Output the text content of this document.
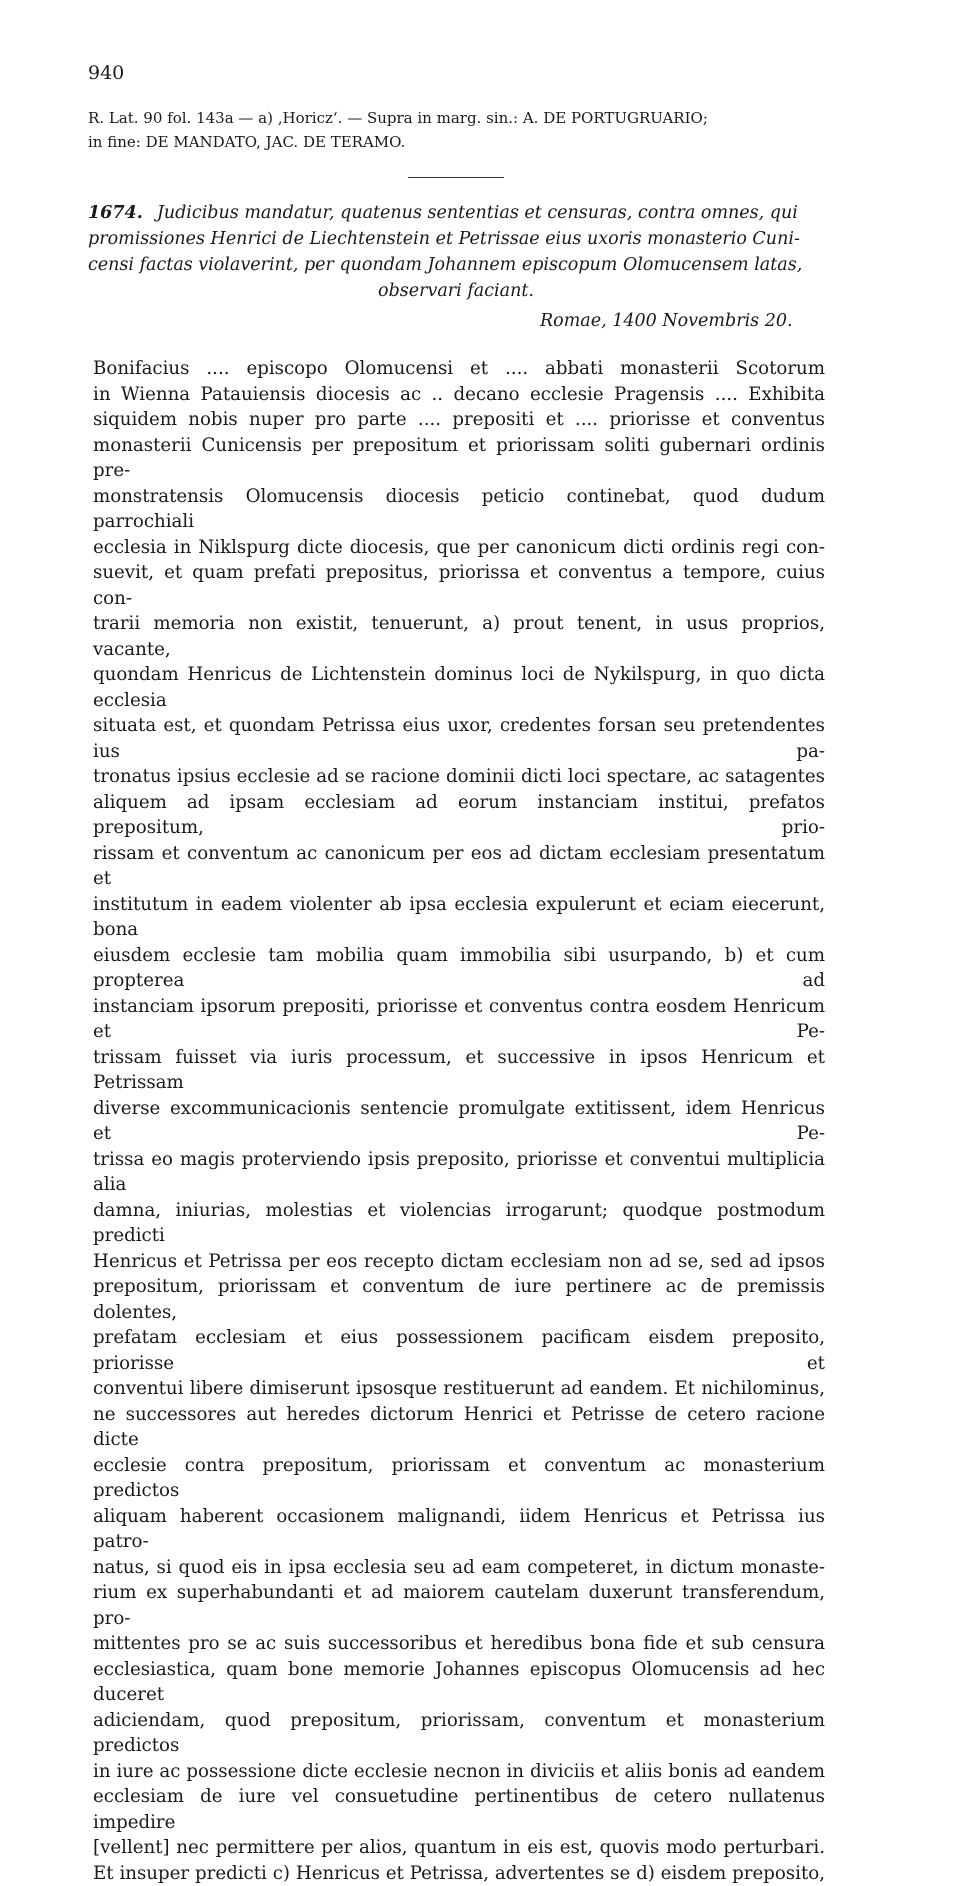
940
R. Lat. 90 fol. 143a — a) ‚Horicz‘. — Supra in marg. sin.: A. DE PORTUGRUARIO;
in fine: DE MANDATO, JAC. DE TERAMO.
1674. Judicibus mandatur, quatenus sententias et censuras, contra omnes, qui
promissiones Henrici de Liechtenstein et Petrissae eius uxoris monasterio Cuni-
censi factas violaverint, per quondam Johannem episcopum Olomucensem latas,
observari faciant.
Romae, 1400 Novembris 20.
Bonifacius .... episcopo Olomucensi et .... abbati monasterii Scotorum
in Wienna Patauiensis diocesis ac .. decano ecclesie Pragensis .... Exhibita
siquidem nobis nuper pro parte .... prepositi et .... priorisse et conventus
monasterii Cunicensis per prepositum et priorissam soliti gubernari ordinis pre-
monstratensis Olomucensis diocesis peticio continebat, quod dudum parrochiali
ecclesia in Niklspurg dicte diocesis, que per canonicum dicti ordinis regi con-
suevit, et quam prefati prepositus, priorissa et conventus a tempore, cuius con-
trarii memoria non existit, tenuerunt, a) prout tenent, in usus proprios, vacante,
quondam Henricus de Lichtenstein dominus loci de Nykilspurg, in quo dicta ecclesia
situata est, et quondam Petrissa eius uxor, credentes forsan seu pretendentes ius pa-
tronatus ipsius ecclesie ad se racione dominii dicti loci spectare, ac satagentes
aliquem ad ipsam ecclesiam ad eorum instanciam institui, prefatos prepositum, prio-
rissam et conventum ac canonicum per eos ad dictam ecclesiam presentatum et
institutum in eadem violenter ab ipsa ecclesia expulerunt et eciam eiecerunt, bona
eiusdem ecclesie tam mobilia quam immobilia sibi usurpando, b) et cum propterea ad
instanciam ipsorum prepositi, priorisse et conventus contra eosdem Henricum et Pe-
trissam fuisset via iuris processum, et successive in ipsos Henricum et Petrissam
diverse excommunicacionis sentencie promulgate extitissent, idem Henricus et Pe-
trissa eo magis proterviendo ipsis preposito, priorisse et conventui multiplicia alia
damna, iniurias, molestias et violencias irrogarunt; quodque postmodum predicti
Henricus et Petrissa per eos recepto dictam ecclesiam non ad se, sed ad ipsos
prepositum, priorissam et conventum de iure pertinere ac de premissis dolentes,
prefatam ecclesiam et eius possessionem pacificam eisdem preposito, priorisse et
conventui libere dimiserunt ipsosque restituerunt ad eandem. Et nichilominus,
ne successores aut heredes dictorum Henrici et Petrisse de cetero racione dicte
ecclesie contra prepositum, priorissam et conventum ac monasterium predictos
aliquam haberent occasionem malignandi, iidem Henricus et Petrissa ius patro-
natus, si quod eis in ipsa ecclesia seu ad eam competeret, in dictum monaste-
rium ex superhabundanti et ad maiorem cautelam duxerunt transferendum, pro-
mittentes pro se ac suis successoribus et heredibus bona fide et sub censura
ecclesiastica, quam bone memorie Johannes episcopus Olomucensis ad hec duceret
adiciendam, quod prepositum, priorissam, conventum et monasterium predictos
in iure ac possessione dicte ecclesie necnon in diviciis et aliis bonis ad eandem
ecclesiam de iure vel consuetudine pertinentibus de cetero nullatenus impedire
[vellent] nec permittere per alios, quantum in eis est, quovis modo perturbari.
Et insuper predicti c) Henricus et Petrissa, advertentes se d) eisdem preposito,
